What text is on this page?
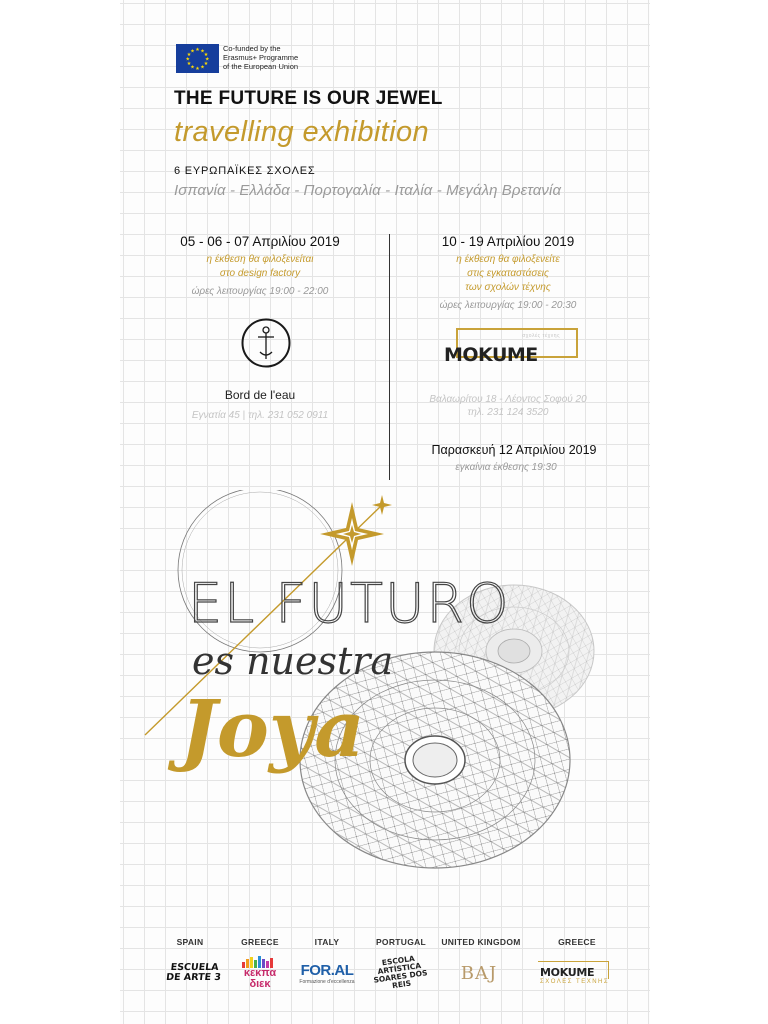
★ ★
★
★
★
★
★
★
★
★
★
★	Co-funded by the
Erasmus+ Programme
of the European Union
THE FUTURE IS OUR JEWEL
travelling exhibition
6 ΕΥΡΩΠΑΪΚΕΣ ΣΧΟΛΕΣ
Ισπανία - Ελλάδα - Πορτογαλία - Ιταλία - Μεγάλη Βρετανία
05 - 06 - 07 Απριλίου 2019
η έκθεση θα φιλοξενείται
στο design factory
ώρες λειτουργίας 19:00 - 22:00
Bord de l'eau
Εγνατία 45 | τηλ. 231 052 0911
10 - 19 Απριλίου 2019
η έκθεση θα φιλοξενείτε
στις εγκαταστάσεις
των σχολών τέχνης
ώρες λειτουργίας 19:00 - 20:30
σχολές τέχνης
MOKUME
Βαλαωρίτου 18 - Λέοντος Σοφού 20
τηλ. 231 124 3520
Παρασκευή 12 Απριλίου 2019
εγκαίνια έκθεσης 19:30
EL FUTURO
es nuestra
Joya
SPAIN	GREECE	ITALY	PORTUGAL	UNITED KINGDOM	GREECE
ESCUELA DE ARTE 3	κεκπα διεκ
FOR.AL
Formazione d'eccellenza
ESCOLA ARTÍSTICA SOARES DOS REIS
BAJ	MOKUME
ΣΧΟΛΕΣ ΤΕΧΝΗΣ
